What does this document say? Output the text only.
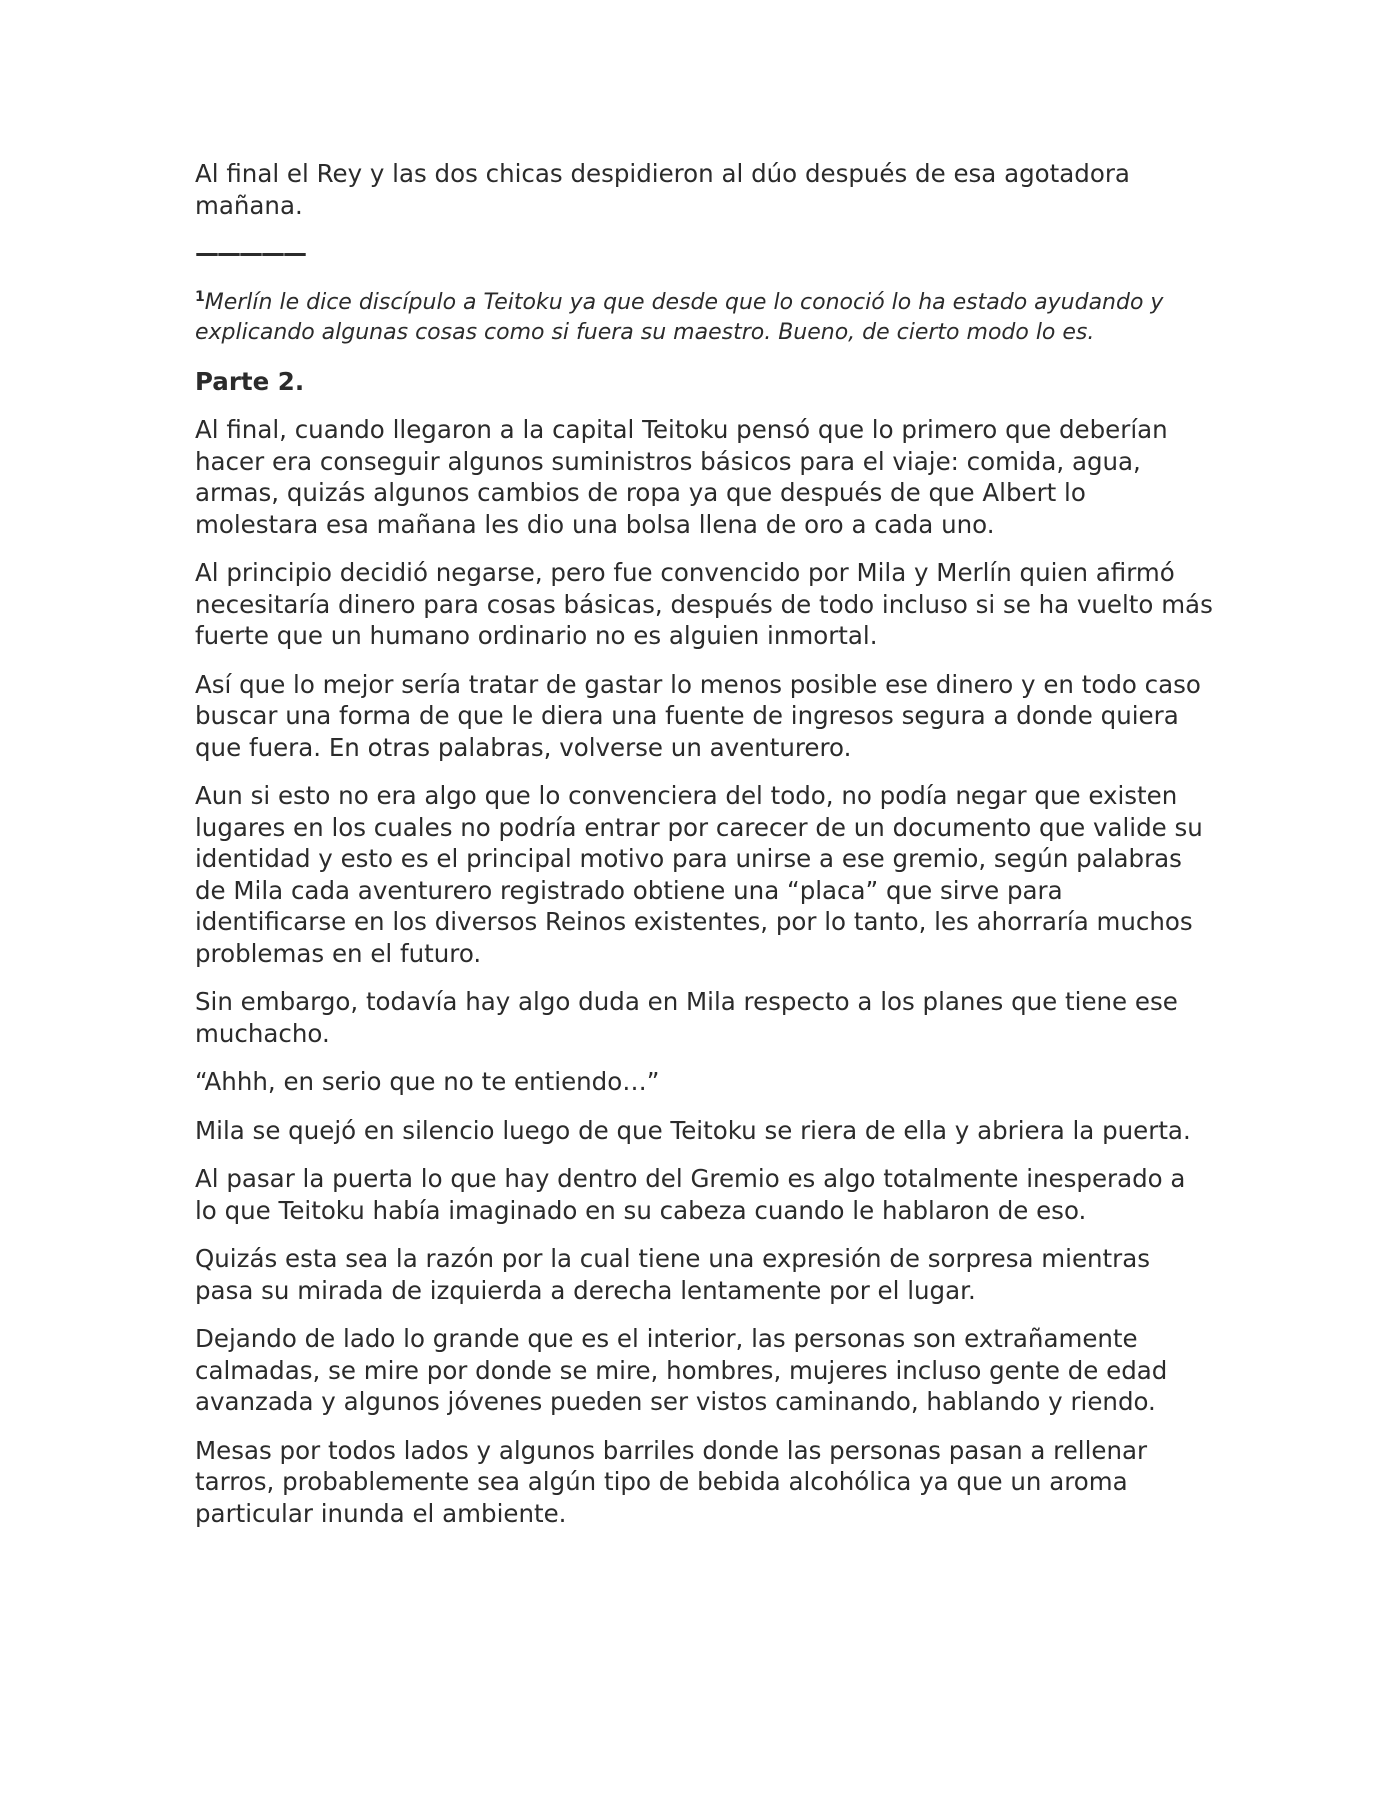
Al final el Rey y las dos chicas despidieron al dúo después de esa agotadora mañana.

—————

$^1$Merlín le dice discípulo a Teitoku ya que desde que lo conoció lo ha estado ayudando y explicando algunas cosas como si fuera su maestro. Bueno, de cierto modo lo es.

Parte 2.

Al final, cuando llegaron a la capital Teitoku pensó que lo primero que deberían hacer era conseguir algunos suministros básicos para el viaje: comida, agua, armas, quizás algunos cambios de ropa ya que después de que Albert lo molestara esa mañana les dio una bolsa llena de oro a cada uno.

Al principio decidió negarse, pero fue convencido por Mila y Merlín quien afirmó necesitaría dinero para cosas básicas, después de todo incluso si se ha vuelto más fuerte que un humano ordinario no es alguien inmortal.

Así que lo mejor sería tratar de gastar lo menos posible ese dinero y en todo caso buscar una forma de que le diera una fuente de ingresos segura a donde quiera que fuera. En otras palabras, volverse un aventurero.

Aun si esto no era algo que lo convenciera del todo, no podía negar que existen lugares en los cuales no podría entrar por carecer de un documento que valide su identidad y esto es el principal motivo para unirse a ese gremio, según palabras de Mila cada aventurero registrado obtiene una “placa” que sirve para identificarse en los diversos Reinos existentes, por lo tanto, les ahorraría muchos problemas en el futuro.

Sin embargo, todavía hay algo duda en Mila respecto a los planes que tiene ese muchacho.

“Ahhh, en serio que no te entiendo…”

Mila se quejó en silencio luego de que Teitoku se riera de ella y abriera la puerta.

Al pasar la puerta lo que hay dentro del Gremio es algo totalmente inesperado a lo que Teitoku había imaginado en su cabeza cuando le hablaron de eso.

Quizás esta sea la razón por la cual tiene una expresión de sorpresa mientras pasa su mirada de izquierda a derecha lentamente por el lugar.

Dejando de lado lo grande que es el interior, las personas son extrañamente calmadas, se mire por donde se mire, hombres, mujeres incluso gente de edad avanzada y algunos jóvenes pueden ser vistos caminando, hablando y riendo.

Mesas por todos lados y algunos barriles donde las personas pasan a rellenar tarros, probablemente sea algún tipo de bebida alcohólica ya que un aroma particular inunda el ambiente.
